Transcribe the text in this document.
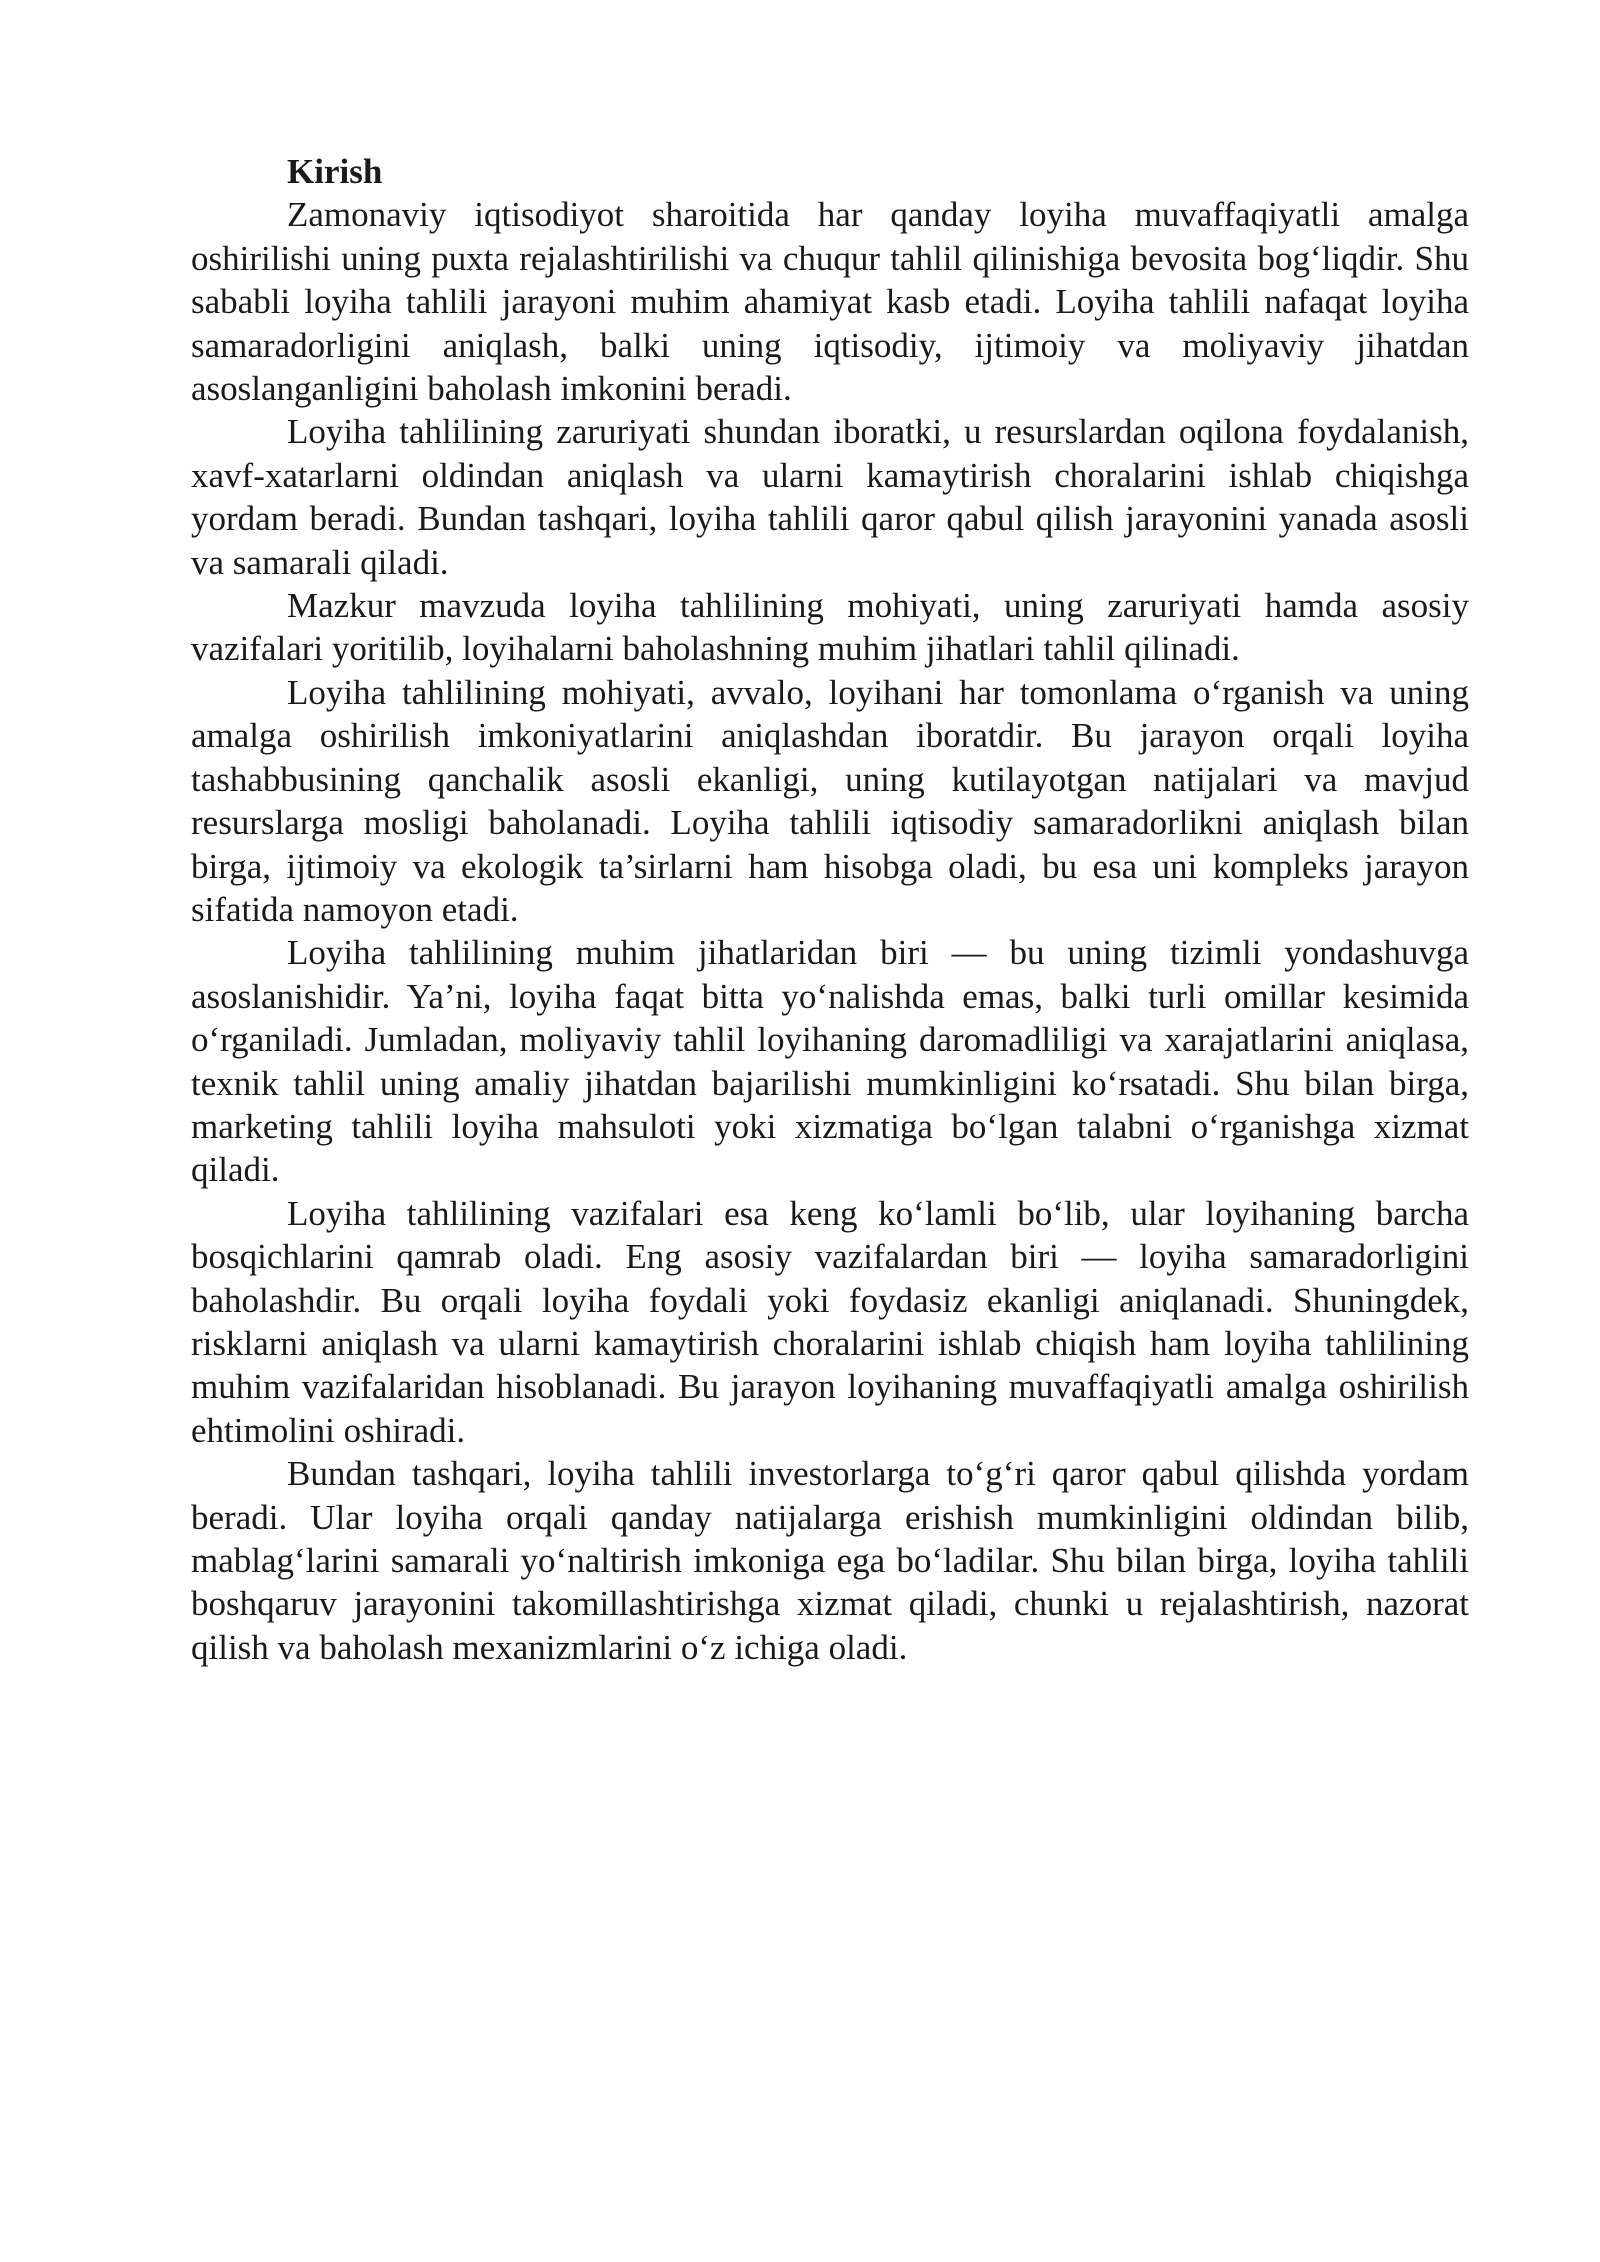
Kirish

Zamonaviy iqtisodiyot sharoitida har qanday loyiha muvaffaqiyatli amalga oshirilishi uning puxta rejalashtirilishi va chuqur tahlil qilinishiga bevosita bog‘liqdir. Shu sababli loyiha tahlili jarayoni muhim ahamiyat kasb etadi. Loyiha tahlili nafaqat loyiha samaradorligini aniqlash, balki uning iqtisodiy, ijtimoiy va moliyaviy jihatdan asoslanganligini baholash imkonini beradi.

Loyiha tahlilining zaruriyati shundan iboratki, u resurslardan oqilona foydalanish, xavf-xatarlarni oldindan aniqlash va ularni kamaytirish choralarini ishlab chiqishga yordam beradi. Bundan tashqari, loyiha tahlili qaror qabul qilish jarayonini yanada asosli va samarali qiladi.

Mazkur mavzuda loyiha tahlilining mohiyati, uning zaruriyati hamda asosiy vazifalari yoritilib, loyihalarni baholashning muhim jihatlari tahlil qilinadi.

Loyiha tahlilining mohiyati, avvalo, loyihani har tomonlama o‘rganish va uning amalga oshirilish imkoniyatlarini aniqlashdan iboratdir. Bu jarayon orqali loyiha tashabbusining qanchalik asosli ekanligi, uning kutilayotgan natijalari va mavjud resurslarga mosligi baholanadi. Loyiha tahlili iqtisodiy samaradorlikni aniqlash bilan birga, ijtimoiy va ekologik ta’sirlarni ham hisobga oladi, bu esa uni kompleks jarayon sifatida namoyon etadi.

Loyiha tahlilining muhim jihatlaridan biri — bu uning tizimli yondashuvga asoslanishidir. Ya’ni, loyiha faqat bitta yo‘nalishda emas, balki turli omillar kesimida o‘rganiladi. Jumladan, moliyaviy tahlil loyihaning daromadliligi va xarajatlarini aniqlasa, texnik tahlil uning amaliy jihatdan bajarilishi mumkinligini ko‘rsatadi. Shu bilan birga, marketing tahlili loyiha mahsuloti yoki xizmatiga bo‘lgan talabni o‘rganishga xizmat qiladi.

Loyiha tahlilining vazifalari esa keng ko‘lamli bo‘lib, ular loyihaning barcha bosqichlarini qamrab oladi. Eng asosiy vazifalardan biri — loyiha samaradorligini baholashdir. Bu orqali loyiha foydali yoki foydasiz ekanligi aniqlanadi. Shuningdek, risklarni aniqlash va ularni kamaytirish choralarini ishlab chiqish ham loyiha tahlilining muhim vazifalaridan hisoblanadi. Bu jarayon loyihaning muvaffaqiyatli amalga oshirilish ehtimolini oshiradi.

Bundan tashqari, loyiha tahlili investorlarga to‘g‘ri qaror qabul qilishda yordam beradi. Ular loyiha orqali qanday natijalarga erishish mumkinligini oldindan bilib, mablag‘larini samarali yo‘naltirish imkoniga ega bo‘ladilar. Shu bilan birga, loyiha tahlili boshqaruv jarayonini takomillashtirishga xizmat qiladi, chunki u rejalashtirish, nazorat qilish va baholash mexanizmlarini o‘z ichiga oladi.
